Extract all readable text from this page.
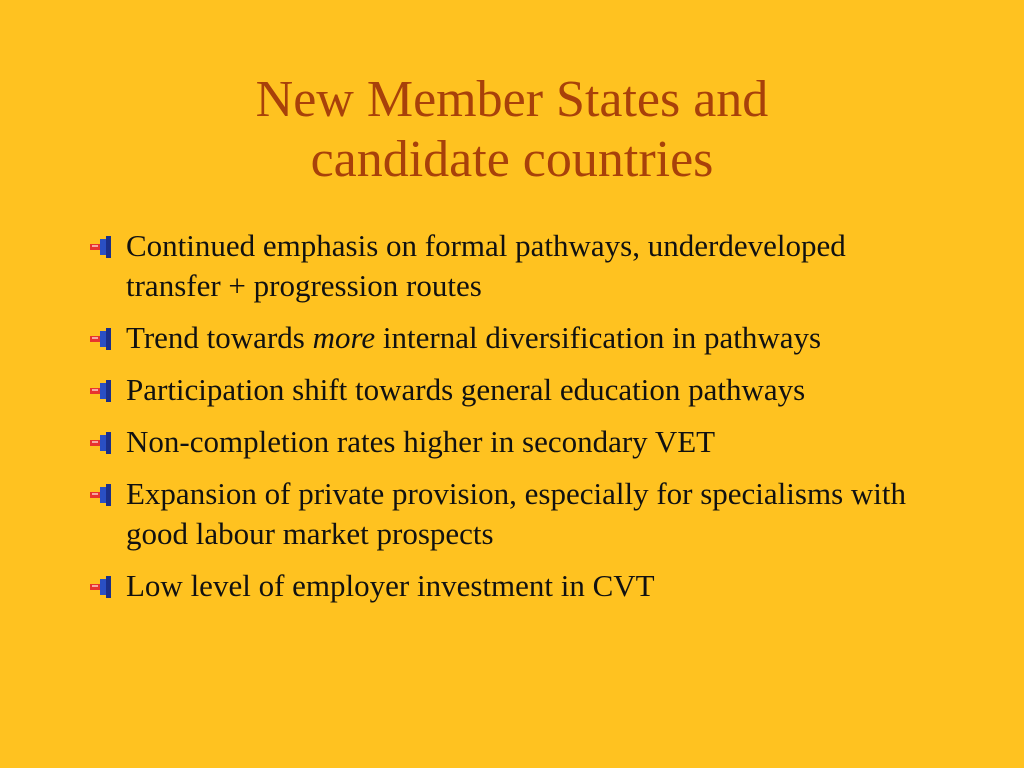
New Member States and
candidate countries
Continued emphasis on formal pathways, underdeveloped transfer + progression routes
Trend towards more internal diversification in pathways
Participation shift towards general education pathways
Non-completion rates higher in secondary VET
Expansion of private provision, especially for specialisms with good labour market prospects
Low level of employer investment in CVT
